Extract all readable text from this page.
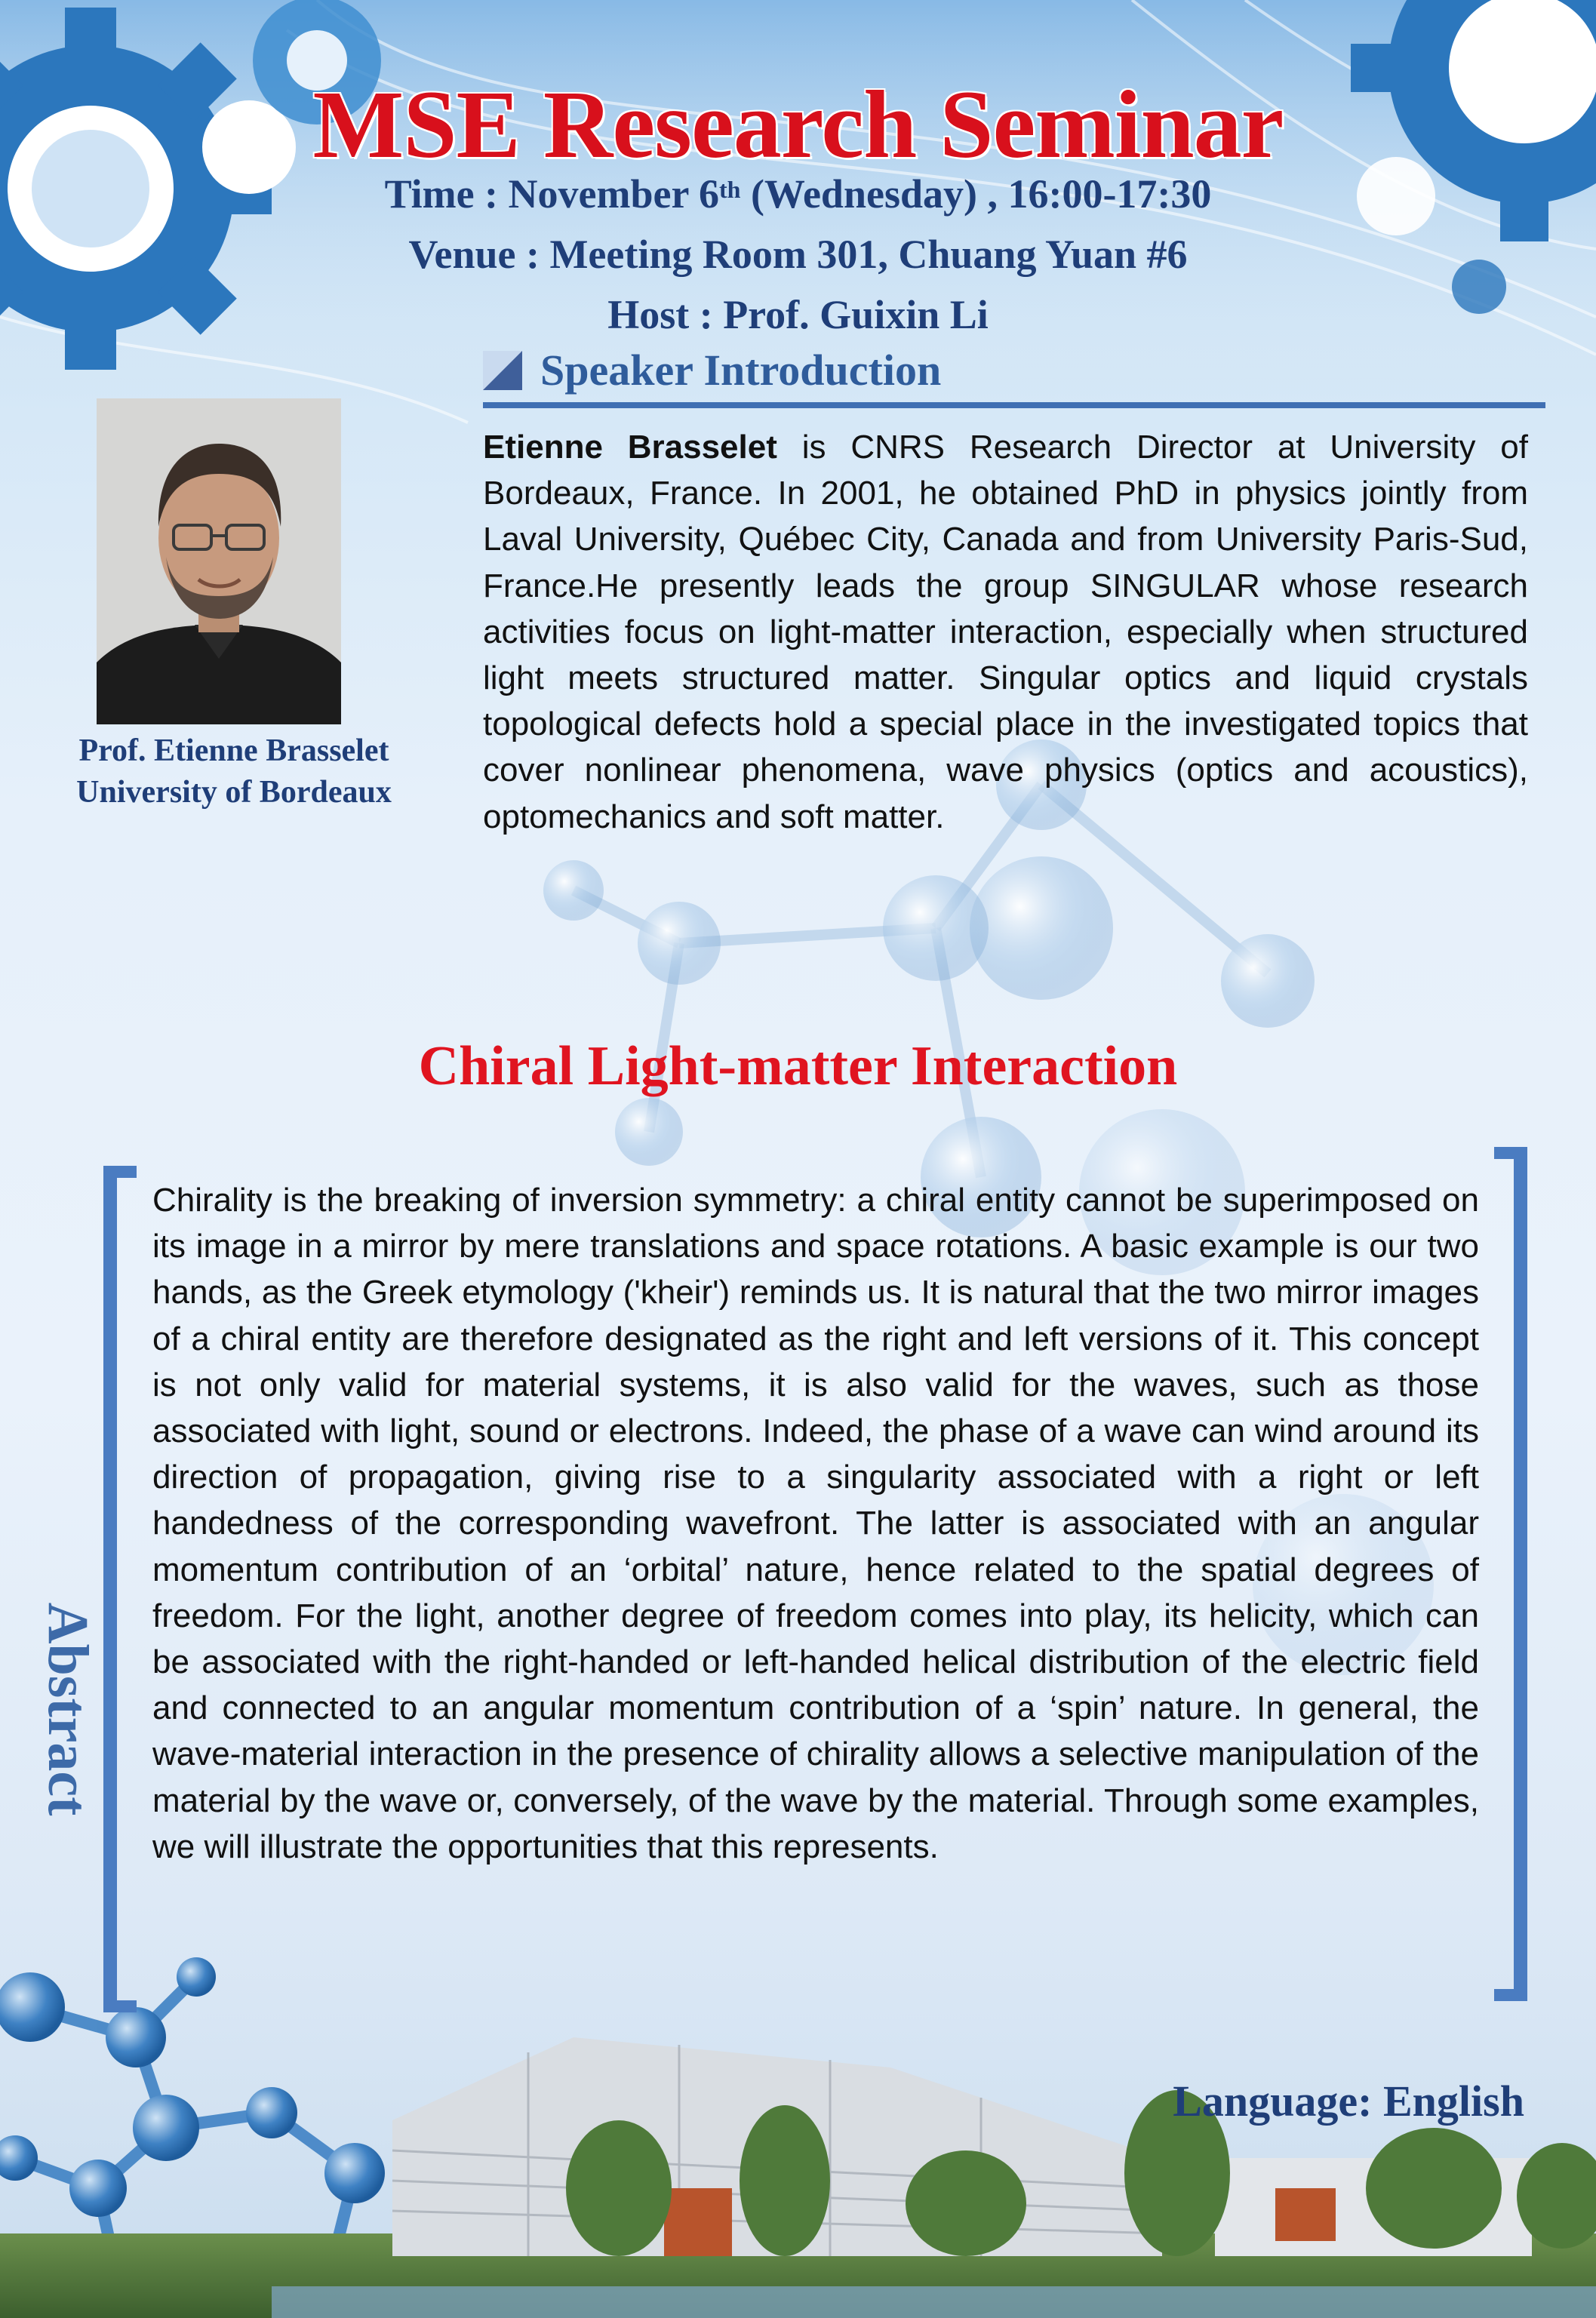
MSE Research Seminar
Time : November 6th (Wednesday) , 16:00-17:30
Venue : Meeting Room 301, Chuang Yuan #6
Host : Prof. Guixin Li
Speaker Introduction
Prof. Etienne Brasselet
University of Bordeaux
Etienne Brasselet is CNRS Research Director at University of Bordeaux, France. In 2001, he obtained PhD in physics jointly from Laval University, Québec City, Canada and from University Paris-Sud, France.He presently leads the group SINGULAR whose research activities focus on light-matter interaction, especially when structured light meets structured matter. Singular optics and liquid crystals topological defects hold a special place in the investigated topics that cover nonlinear phenomena, wave physics (optics and acoustics), optomechanics and soft matter.
Chiral Light-matter Interaction
Abstract
Chirality is the breaking of inversion symmetry: a chiral entity cannot be superimposed on its image in a mirror by mere translations and space rotations. A basic example is our two hands, as the Greek etymology ('kheir') reminds us. It is natural that the two mirror images of a chiral entity are therefore designated as the right and left versions of it. This concept is not only valid for material systems, it is also valid for the waves, such as those associated with light, sound or electrons. Indeed, the phase of a wave can wind around its direction of propagation, giving rise to a singularity associated with a right or left handedness of the corresponding wavefront. The latter is associated with an angular momentum contribution of an ‘orbital’ nature, hence related to the spatial degrees of freedom. For the light, another degree of freedom comes into play, its helicity, which can be associated with the right-handed or left-handed helical distribution of the electric field and connected to an angular momentum contribution of a ‘spin’ nature. In general, the wave-material interaction in the presence of chirality allows a selective manipulation of the material by the wave or, conversely, of the wave by the material. Through some examples, we will illustrate the opportunities that this represents.
Language: English
